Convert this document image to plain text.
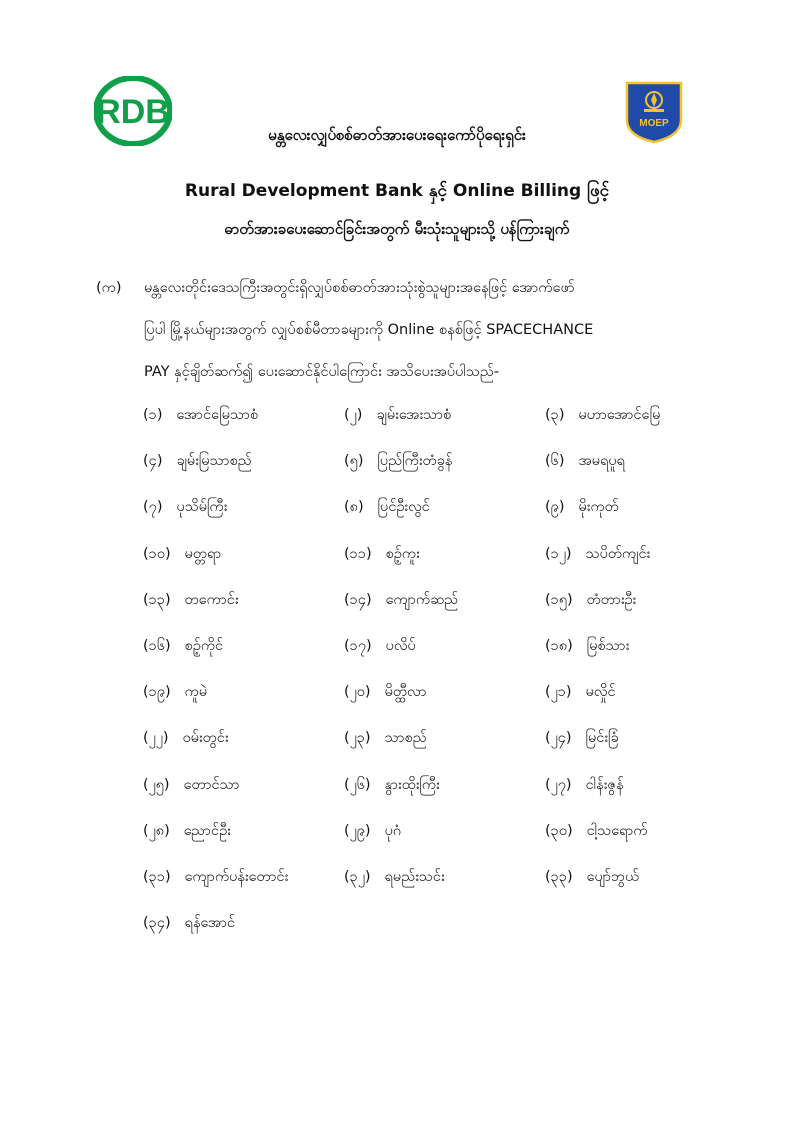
RDB	MOEP
မန္တလေးလျှပ်စစ်ဓာတ်အားပေးရေးကော်ပိုရေးရှင်း
Rural Development Bank နှင့် Online Billing ဖြင့်
ဓာတ်အားခပေးဆောင်ခြင်းအတွက် မီးသုံးသူများသို့ ပန်ကြားချက်
(က) မန္တလေးတိုင်းဒေသကြီးအတွင်းရှိလျှပ်စစ်ဓာတ်အားသုံးစွဲသူများအနေဖြင့် အောက်ဖော်
ပြပါ မြို့နယ်များအတွက် လျှပ်စစ်မီတာခများကို Online စနစ်ဖြင့် SPACECHANCE
PAY နှင့်ချိတ်ဆက်၍ ပေးဆောင်နိုင်ပါကြောင်း အသိပေးအပ်ပါသည်-
(၁) အောင်မြေသာစံ	(၂) ချမ်းအေးသာစံ	(၃) မဟာအောင်မြေ
(၄) ချမ်းမြသာစည်	(၅) ပြည်ကြီးတံခွန်	(၆) အမရပူရ
(၇) ပုသိမ်ကြီး	(၈) ပြင်ဦးလွင်	(၉) မိုးကုတ်
(၁၀) မတ္တရာ	(၁၁) စဉ့်ကူး	(၁၂) သပိတ်ကျင်း
(၁၃) တကောင်း	(၁၄) ကျောက်ဆည်	(၁၅) တံတားဦး
(၁၆) စဉ့်ကိုင်	(၁၇) ပလိပ်	(၁၈) မြစ်သား
(၁၉) ကူမဲ	(၂၀) မိတ္ထီလာ	(၂၁) မလှိုင်
(၂၂) ဝမ်းတွင်း	(၂၃) သာစည်	(၂၄) မြင်းခြံ
(၂၅) တောင်သာ	(၂၆) နွားထိုးကြီး	(၂၇) ငါန်းဇွန်
(၂၈) ညောင်ဦး	(၂၉) ပုဂံ	(၃၀) ငါ့သရောက်
(၃၁) ကျောက်ပန်းတောင်း	(၃၂) ရမည်းသင်း	(၃၃) ပျော်ဘွယ်
(၃၄) ရန်အောင်
